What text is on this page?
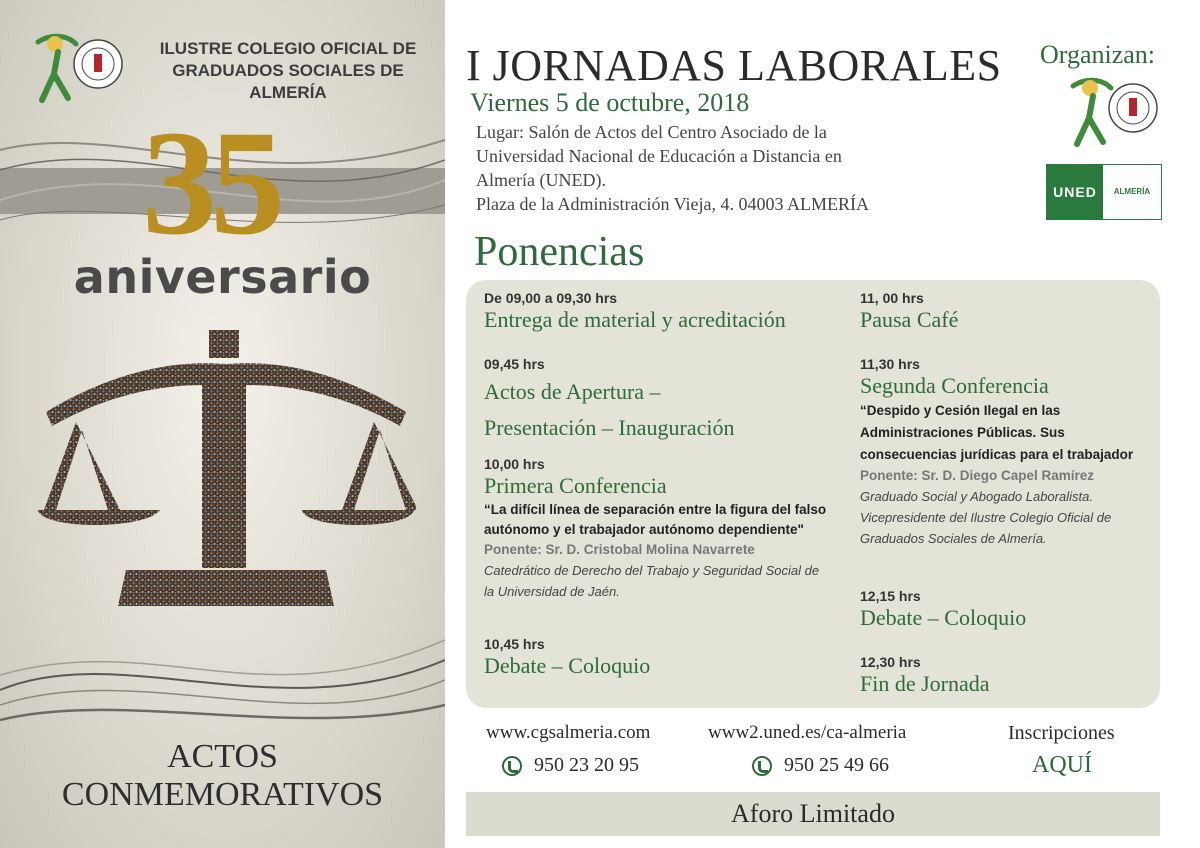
ILUSTRE COLEGIO OFICIAL DE
GRADUADOS SOCIALES DE ALMERÍA
3
5
aniversario
ACTOS
CONMEMORATIVOS
I JORNADAS LABORALES
Viernes 5 de octubre, 2018
Lugar: Salón de Actos del Centro Asociado de la
Universidad Nacional de Educación a Distancia en
Almería (UNED).
Plaza de la Administración Vieja, 4. 04003 ALMERÍA
Organizan:
UNED	ALMERÍA
Ponencias
De 09,00 a 09,30 hrs
Entrega de material y acreditación
09,45 hrs
Actos de Apertura –
Presentación – Inauguración
10,00 hrs
Primera Conferencia
“La difícil línea de separación entre la figura del falso
autónomo y el trabajador autónomo dependiente"
Ponente: Sr. D. Cristobal Molina Navarrete
Catedrático de Derecho del Trabajo y Seguridad Social de
la Universidad de Jaén.
10,45 hrs
Debate – Coloquio
11, 00 hrs
Pausa Café
11,30 hrs
Segunda Conferencia
“Despido y Cesión Ilegal en las
Administraciones Públicas. Sus
consecuencias jurídicas para el trabajador
Ponente: Sr. D. Diego Capel Ramírez
Graduado Social y Abogado Laboralista.
Vicepresidente del Ilustre Colegio Oficial de
Graduados Sociales de Almería.
12,15 hrs
Debate – Coloquio
12,30 hrs
Fin de Jornada
www.cgsalmeria.com
950 23 20 95
www2.uned.es/ca-almeria
950 25 49 66
Inscripciones
AQUÍ
Aforo Limitado
